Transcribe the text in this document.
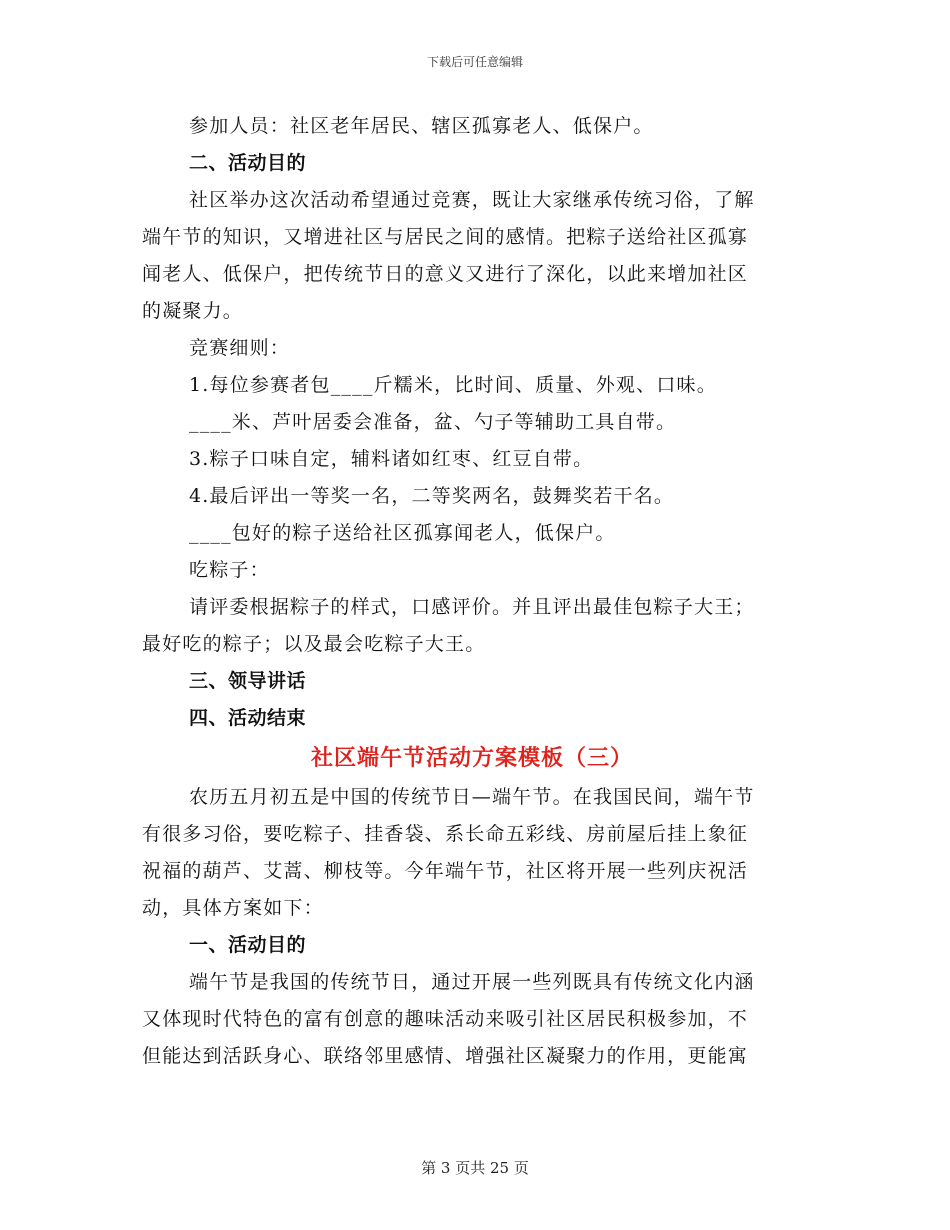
下载后可任意编辑
参加人员：社区老年居民、辖区孤寡老人、低保户。
二、活动目的
社区举办这次活动希望通过竞赛，既让大家继承传统习俗，了解
端午节的知识，又增进社区与居民之间的感情。把粽子送给社区孤寡
闻老人、低保户，把传统节日的意义又进行了深化，以此来增加社区
的凝聚力。
竞赛细则：
1.每位参赛者包____斤糯米，比时间、质量、外观、口味。
____米、芦叶居委会准备，盆、勺子等辅助工具自带。
3.粽子口味自定，辅料诸如红枣、红豆自带。
4.最后评出一等奖一名，二等奖两名，鼓舞奖若干名。
____包好的粽子送给社区孤寡闻老人，低保户。
吃粽子：
请评委根据粽子的样式，口感评价。并且评出最佳包粽子大王；
最好吃的粽子；以及最会吃粽子大王。
三、领导讲话
四、活动结束
社区端午节活动方案模板（三）
农历五月初五是中国的传统节日—端午节。在我国民间，端午节
有很多习俗，要吃粽子、挂香袋、系长命五彩线、房前屋后挂上象征
祝福的葫芦、艾蒿、柳枝等。今年端午节，社区将开展一些列庆祝活
动，具体方案如下：
一、活动目的
端午节是我国的传统节日，通过开展一些列既具有传统文化内涵
又体现时代特色的富有创意的趣味活动来吸引社区居民积极参加，不
但能达到活跃身心、联络邻里感情、增强社区凝聚力的作用，更能寓
第 3 页共 25 页
